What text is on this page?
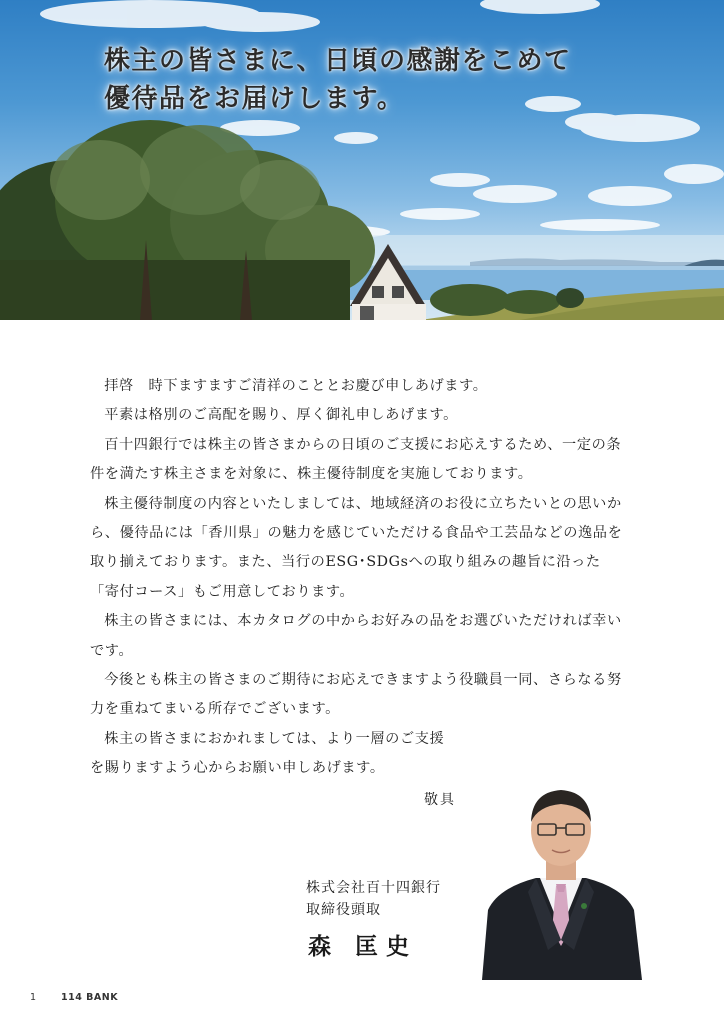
株主の皆さまに、日頃の感謝をこめて
優待品をお届けします。

拝啓　時下ますますご清祥のこととお慶び申しあげます。

平素は格別のご高配を賜り、厚く御礼申しあげます。

百十四銀行では株主の皆さまからの日頃のご支援にお応えするため、一定の条件を満たす株主さまを対象に、株主優待制度を実施しております。

株主優待制度の内容といたしましては、地域経済のお役に立ちたいとの思いから、優待品には「香川県」の魅力を感じていただける食品や工芸品などの逸品を取り揃えております。また、当行のESG･SDGsへの取り組みの趣旨に沿った「寄付コース」もご用意しております。

株主の皆さまには、本カタログの中からお好みの品をお選びいただければ幸いです。

今後とも株主の皆さまのご期待にお応えできますよう役職員一同、さらなる努力を重ねてまいる所存でございます。

株主の皆さまにおかれましては、より一層のご支援

を賜りますよう心からお願い申しあげます。

敬具
株式会社百十四銀行
取締役頭取
森 匡史
1	114 BANK
